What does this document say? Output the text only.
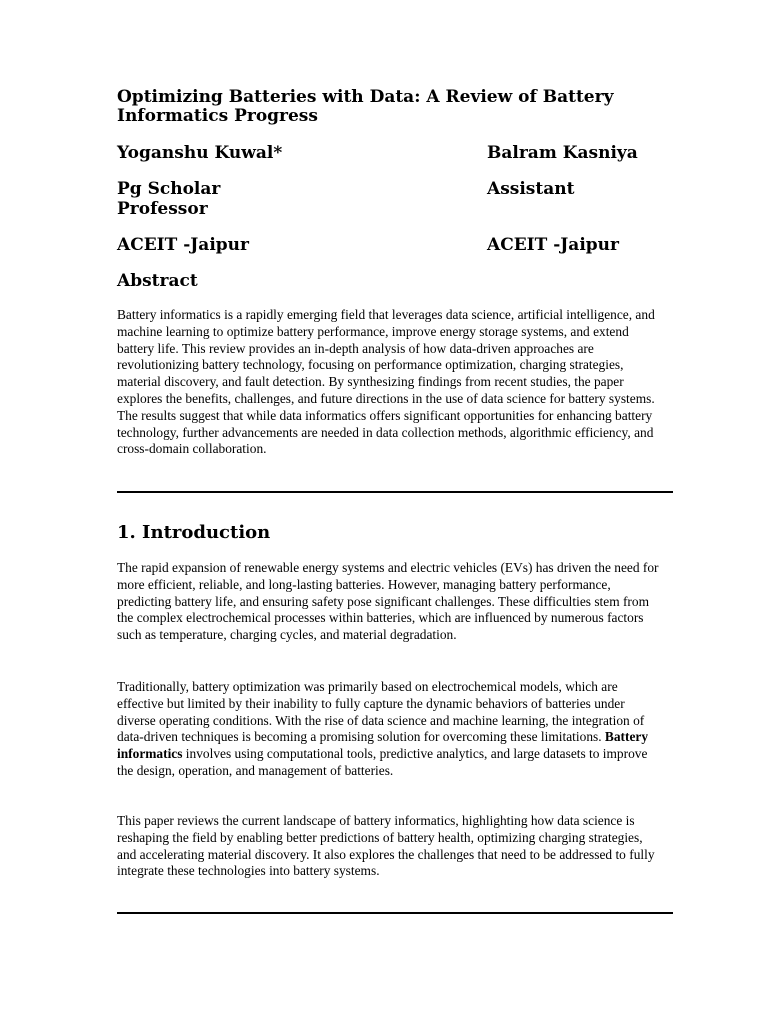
Optimizing Batteries with Data: A Review of Battery Informatics Progress
Yoganshu Kuwal*	Balram Kasniya
Pg Scholar	Assistant
Professor
ACEIT -Jaipur	ACEIT -Jaipur
Abstract

Battery informatics is a rapidly emerging field that leverages data science, artificial intelligence, and machine learning to optimize battery performance, improve energy storage systems, and extend battery life. This review provides an in-depth analysis of how data-driven approaches are revolutionizing battery technology, focusing on performance optimization, charging strategies, material discovery, and fault detection. By synthesizing findings from recent studies, the paper explores the benefits, challenges, and future directions in the use of data science for battery systems. The results suggest that while data informatics offers significant opportunities for enhancing battery technology, further advancements are needed in data collection methods, algorithmic efficiency, and cross-domain collaboration.

1. Introduction

The rapid expansion of renewable energy systems and electric vehicles (EVs) has driven the need for more efficient, reliable, and long-lasting batteries. However, managing battery performance, predicting battery life, and ensuring safety pose significant challenges. These difficulties stem from the complex electrochemical processes within batteries, which are influenced by numerous factors such as temperature, charging cycles, and material degradation.

Traditionally, battery optimization was primarily based on electrochemical models, which are effective but limited by their inability to fully capture the dynamic behaviors of batteries under diverse operating conditions. With the rise of data science and machine learning, the integration of data-driven techniques is becoming a promising solution for overcoming these limitations. Battery informatics involves using computational tools, predictive analytics, and large datasets to improve the design, operation, and management of batteries.

This paper reviews the current landscape of battery informatics, highlighting how data science is reshaping the field by enabling better predictions of battery health, optimizing charging strategies, and accelerating material discovery. It also explores the challenges that need to be addressed to fully integrate these technologies into battery systems.
